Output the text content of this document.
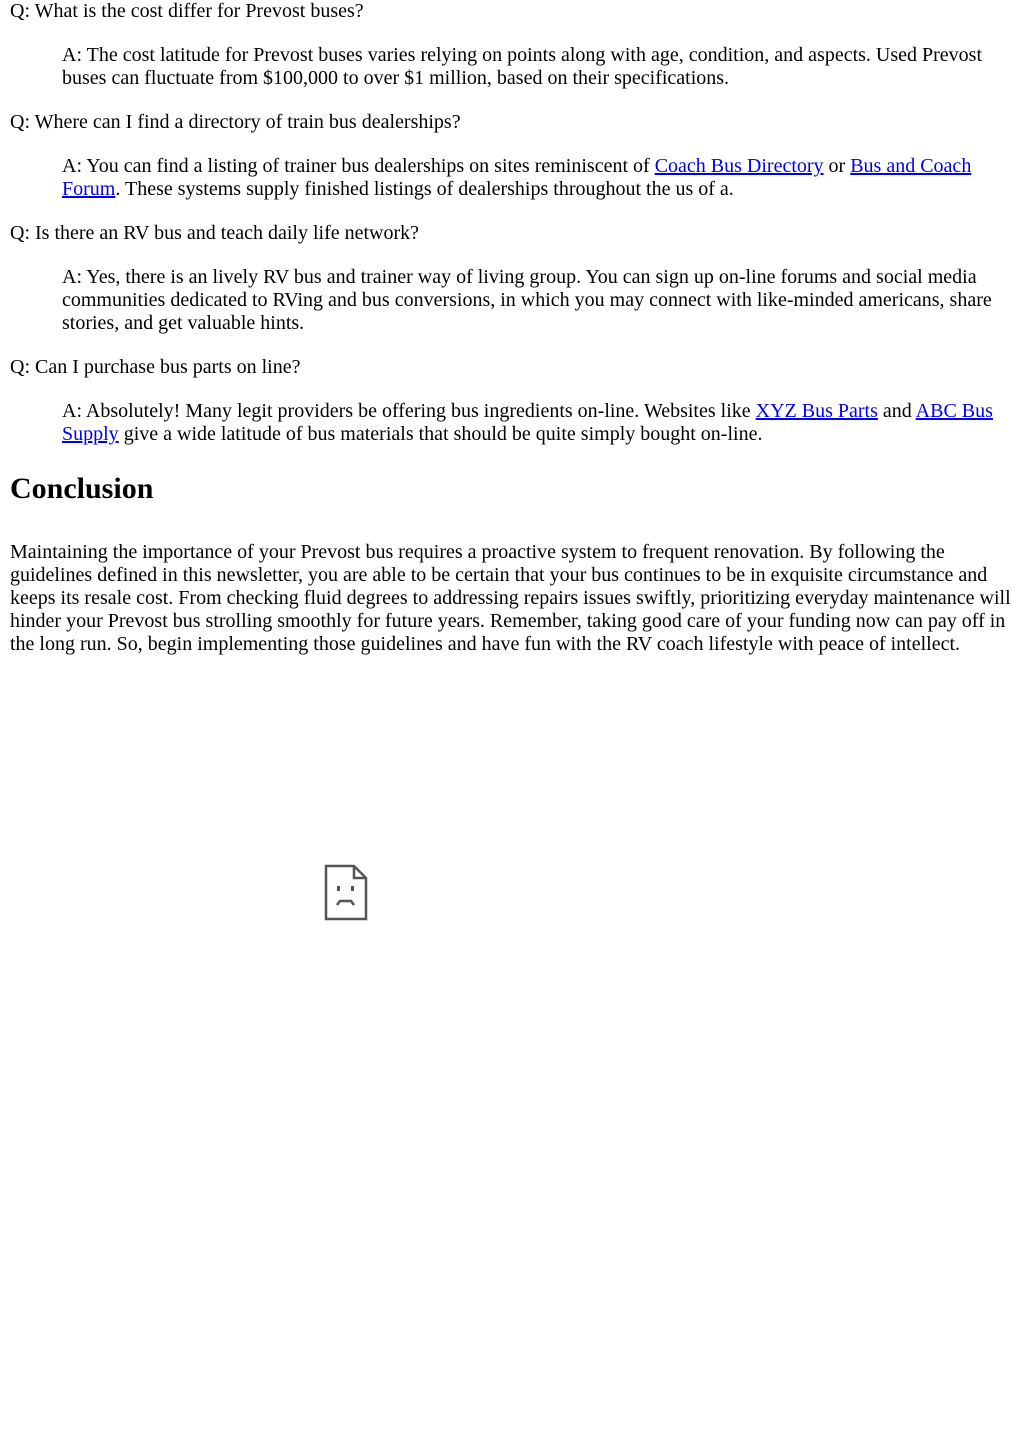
Q: What is the cost differ for Prevost buses?

A: The cost latitude for Prevost buses varies relying on points along with age, condition, and aspects. Used Prevost buses can fluctuate from $100,000 to over $1 million, based on their specifications.

Q: Where can I find a directory of train bus dealerships?

A: You can find a listing of trainer bus dealerships on sites reminiscent of Coach Bus Directory or Bus and Coach Forum. These systems supply finished listings of dealerships throughout the us of a.

Q: Is there an RV bus and teach daily life network?

A: Yes, there is an lively RV bus and trainer way of living group. You can sign up on-line forums and social media communities dedicated to RVing and bus conversions, in which you may connect with like-minded americans, share stories, and get valuable hints.

Q: Can I purchase bus parts on line?

A: Absolutely! Many legit providers be offering bus ingredients on-line. Websites like XYZ Bus Parts and ABC Bus Supply give a wide latitude of bus materials that should be quite simply bought on-line.

Conclusion

Maintaining the importance of your Prevost bus requires a proactive system to frequent renovation. By following the guidelines defined in this newsletter, you are able to be certain that your bus continues to be in exquisite circumstance and keeps its resale cost. From checking fluid degrees to addressing repairs issues swiftly, prioritizing everyday maintenance will hinder your Prevost bus strolling smoothly for future years. Remember, taking good care of your funding now can pay off in the long run. So, begin implementing those guidelines and have fun with the RV coach lifestyle with peace of intellect.
